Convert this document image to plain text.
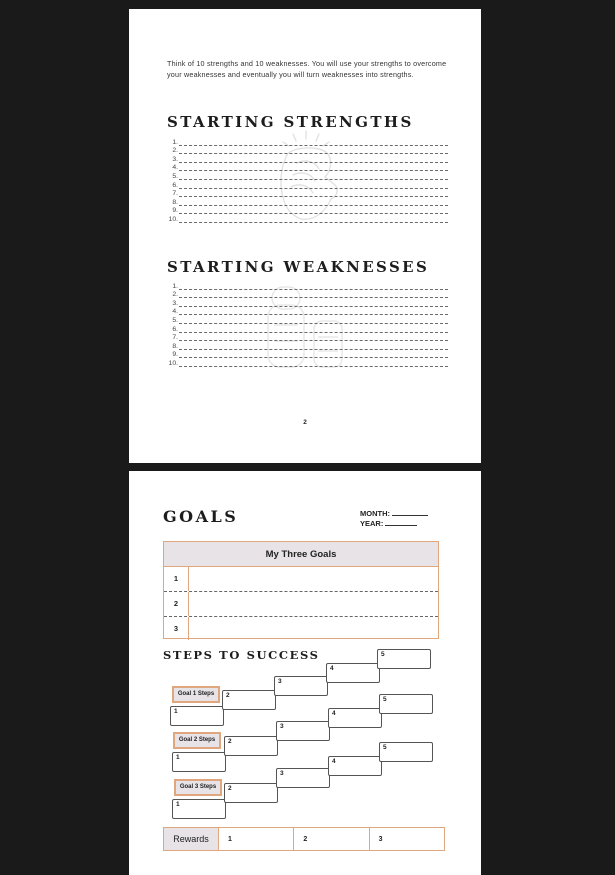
Think of 10 strengths and 10 weaknesses. You will use your strengths to overcome your weaknesses and eventually you will turn weaknesses into strengths.

STARTING STRENGTHS
1.
2.
3.
4.
5.
6.
7.
8.
9.
10.
STARTING WEAKNESSES
1.
2.
3.
4.
5.
6.
7.
8.
9.
10.
2
GOALS	MONTH:
YEAR:
My Three Goals
1
2
3
STEPS TO SUCCESS
Goal 1 Steps
1
2
3
4
5
Goal 2 Steps
1
2
3
4
5
Goal 3 Steps
1
2
3
4
5
Rewards	1	2	3
